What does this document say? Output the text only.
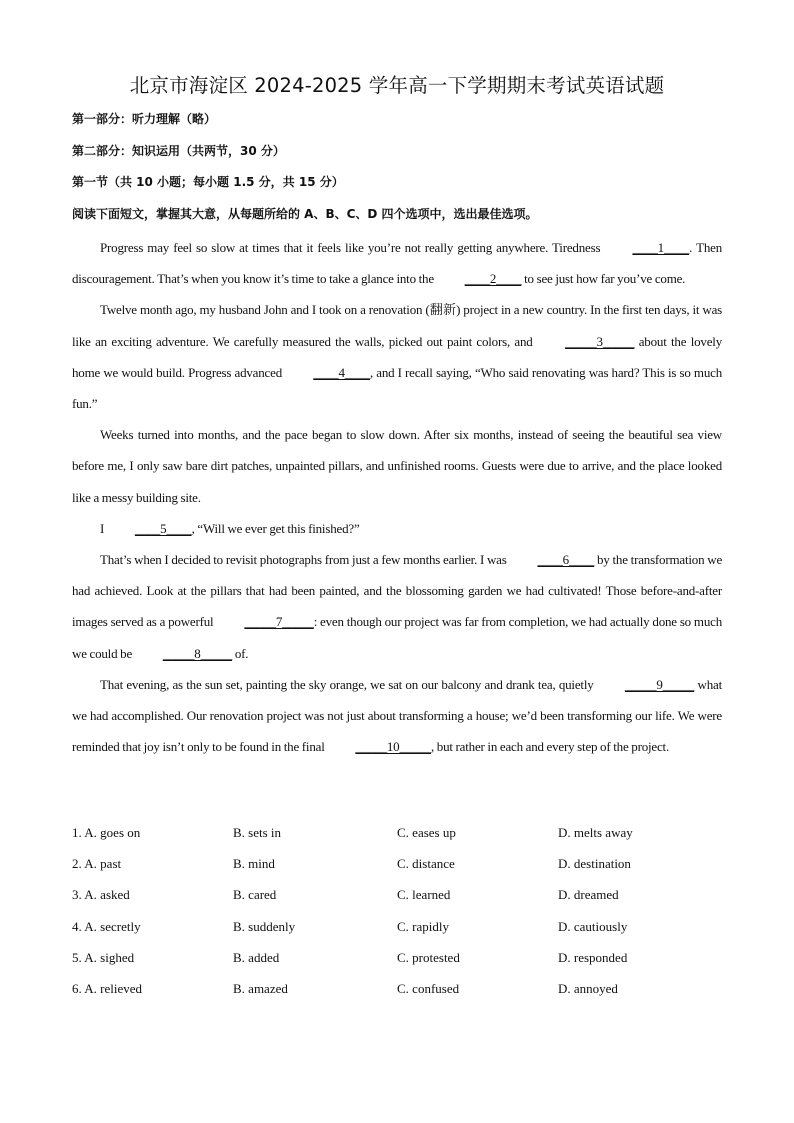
北京市海淀区 2024-2025 学年高一下学期期末考试英语试题
第一部分：听力理解（略）
第二部分：知识运用（共两节，30 分）
第一节（共 10 小题；每小题 1.5 分，共 15 分）
阅读下面短文，掌握其大意，从每题所给的 A、B、C、D 四个选项中，选出最佳选项。

Progress may feel so slow at times that it feels like you’re not really getting anywhere. Tiredness ____1____. Then discouragement. That’s when you know it’s time to take a glance into the ____2____ to see just how far you’ve come.

Twelve month ago, my husband John and I took on a renovation (翻新) project in a new country. In the first ten days, it was like an exciting adventure. We carefully measured the walls, picked out paint colors, and _____3_____ about the lovely home we would build. Progress advanced ____4____, and I recall saying, “Who said renovating was hard? This is so much fun.”

Weeks turned into months, and the pace began to slow down. After six months, instead of seeing the beautiful sea view before me, I only saw bare dirt patches, unpainted pillars, and unfinished rooms. Guests were due to arrive, and the place looked like a messy building site.

I ____5____, “Will we ever get this finished?”

That’s when I decided to revisit photographs from just a few months earlier. I was ____6____ by the transformation we had achieved. Look at the pillars that had been painted, and the blossoming garden we had cultivated! Those before-and-after images served as a powerful _____7_____: even though our project was far from completion, we had actually done so much we could be _____8_____ of.

That evening, as the sun set, painting the sky orange, we sat on our balcony and drank tea, quietly _____9_____ what we had accomplished. Our renovation project was not just about transforming a house; we’d been transforming our life. We were reminded that joy isn’t only to be found in the final _____10_____, but rather in each and every step of the project.

1. A. goes on	B. sets in	C. eases up	D. melts away
2. A. past	B. mind	C. distance	D. destination
3. A. asked	B. cared	C. learned	D. dreamed
4. A. secretly	B. suddenly	C. rapidly	D. cautiously
5. A. sighed	B. added	C. protested	D. responded
6. A. relieved	B. amazed	C. confused	D. annoyed
